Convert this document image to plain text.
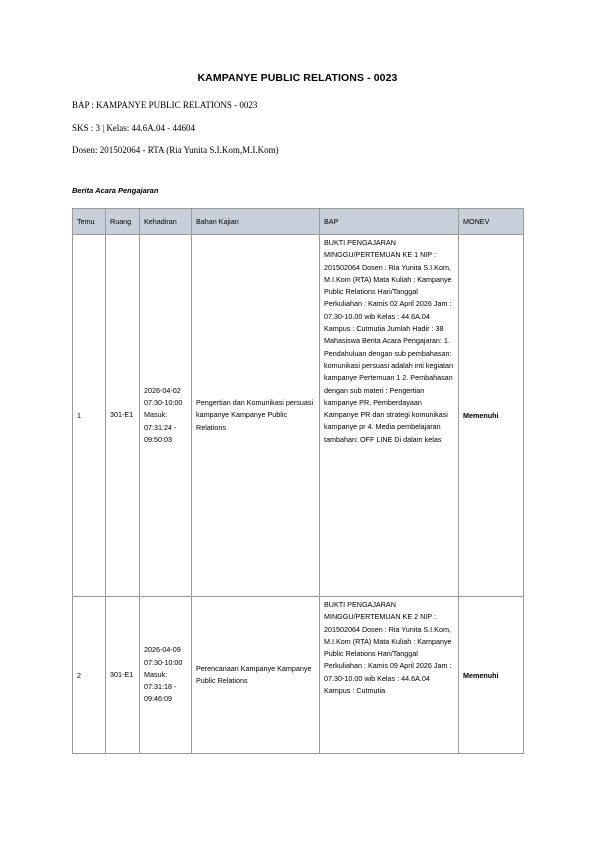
KAMPANYE PUBLIC RELATIONS - 0023
BAP : KAMPANYE PUBLIC RELATIONS - 0023
SKS : 3 | Kelas: 44.6A.04 - 44604
Dosen: 201502064 - RTA (Ria Yunita S.I.Kom,M.I.Kom)
Berita Acara Pengajaran
Temu	Ruang	Kehadiran	Bahan Kajian	BAP	MONEV
1	301-E1	2026-04-02 07:30-10:00 Masuk: 07:31:24 - 09:50:03	Pengertian dan Komunikasi persuasi kampanye Kampanye Public Relations	BUKTI PENGAJARAN MINGGU/PERTEMUAN KE 1 NIP : 201502064 Dosen : Ria Yunita S.I.Kom, M.I.Kom (RTA) Mata Kuliah : Kampanye Public Relations Hari/Tanggal Perkuliahan : Kamis 02 April 2026 Jam : 07.30-10.00 wib Kelas : 44.6A.04 Kampus : Cutmutia Jumlah Hadir : 38 Mahasiswa Berita Acara Pengajaran: 1. Pendahuluan dengan sub pembahasan: komunikasi persuasi adalah inti kegiatan kampanye Pertemuan 1 2. Pembahasan dengan sub materi : Pengertian kampanye PR, Pemberdayaan Kampanye PR dan strategi komunikasi kampanye pr 4. Media pembelajaran tambahan: OFF LINE Di dalam kelas	Memenuhi
2	301-E1	2026-04-09 07:30-10:00 Masuk: 07:31:18 - 09:46:09	Perencanaan Kampanye Kampanye Public Relations	BUKTI PENGAJARAN MINGGU/PERTEMUAN KE 2 NIP : 201502064 Dosen : Ria Yunita S.I.Kom, M.I.Kom (RTA) Mata Kuliah : Kampanye Public Relations Hari/Tanggal Perkuliahan : Kamis 09 April 2026 Jam : 07.30-10.00 wib Kelas : 44.6A.04 Kampus : Cutmutia	Memenuhi
